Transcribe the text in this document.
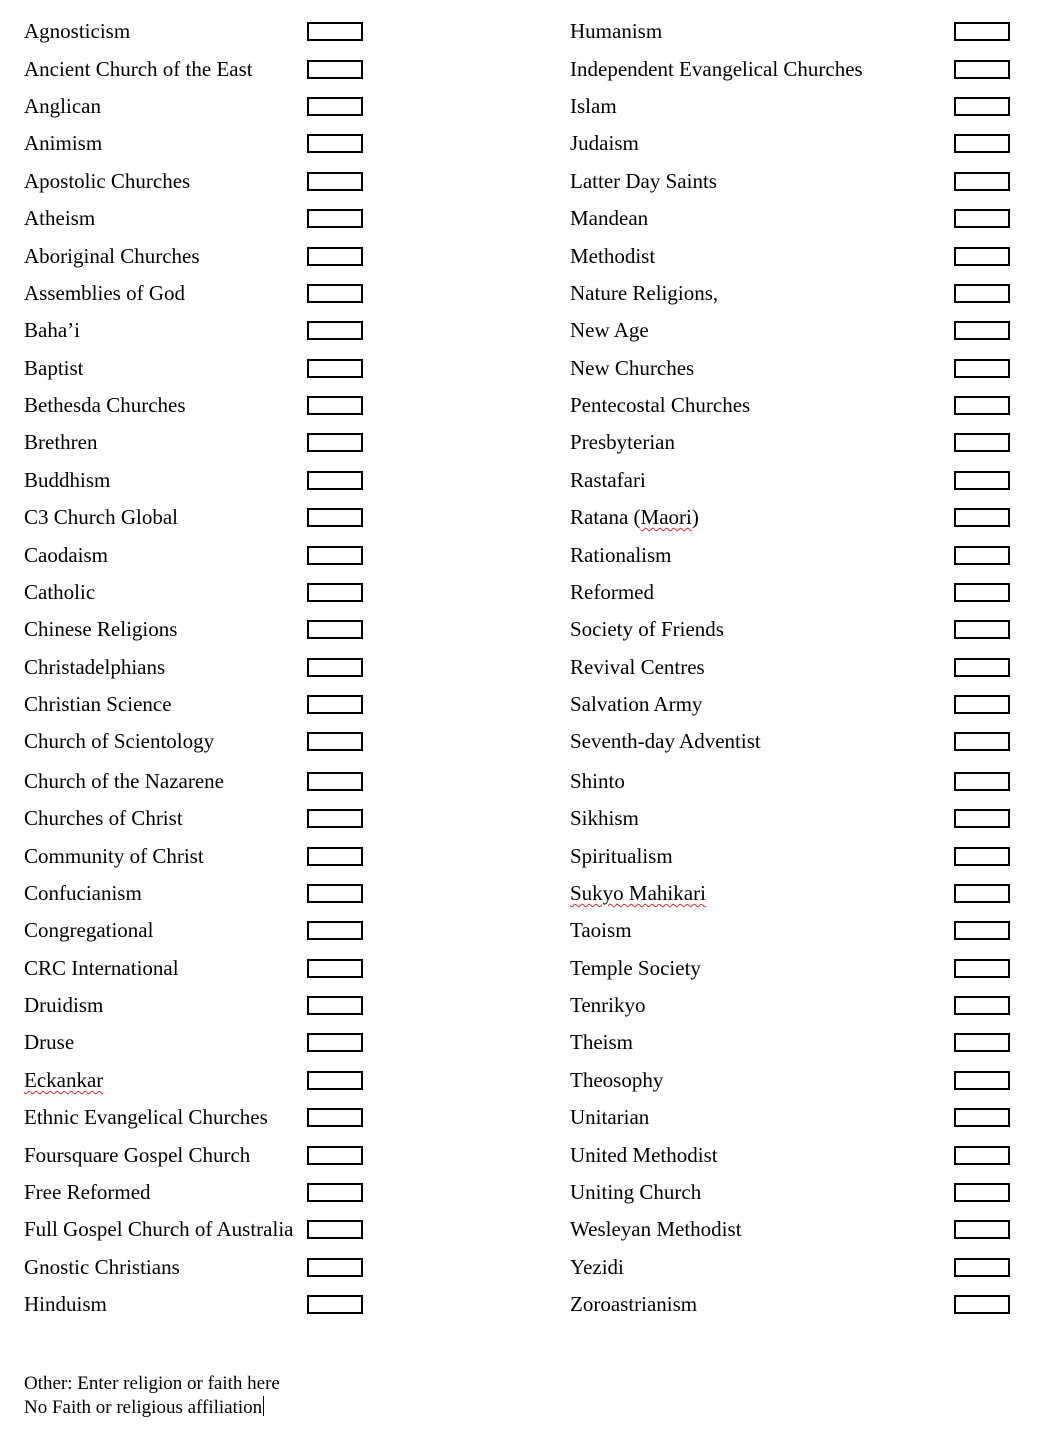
Agnosticism
Ancient Church of the East
Anglican
Animism
Apostolic Churches
Atheism
Aboriginal Churches
Assemblies of God
Baha’i
Baptist
Bethesda Churches
Brethren
Buddhism
C3 Church Global
Caodaism
Catholic
Chinese Religions
Christadelphians
Christian Science
Church of Scientology
Church of the Nazarene
Churches of Christ
Community of Christ
Confucianism
Congregational
CRC International
Druidism
Druse
Eckankar
Ethnic Evangelical Churches
Foursquare Gospel Church
Free Reformed
Full Gospel Church of Australia
Gnostic Christians
Hinduism
Humanism
Independent Evangelical Churches
Islam
Judaism
Latter Day Saints
Mandean
Methodist
Nature Religions,
New Age
New Churches
Pentecostal Churches
Presbyterian
Rastafari
Ratana (Maori)
Rationalism
Reformed
Society of Friends
Revival Centres
Salvation Army
Seventh-day Adventist
Shinto
Sikhism
Spiritualism
Sukyo Mahikari
Taoism
Temple Society
Tenrikyo
Theism
Theosophy
Unitarian
United Methodist
Uniting Church
Wesleyan Methodist
Yezidi
Zoroastrianism
Other: Enter religion or faith here
No Faith or religious affiliation
